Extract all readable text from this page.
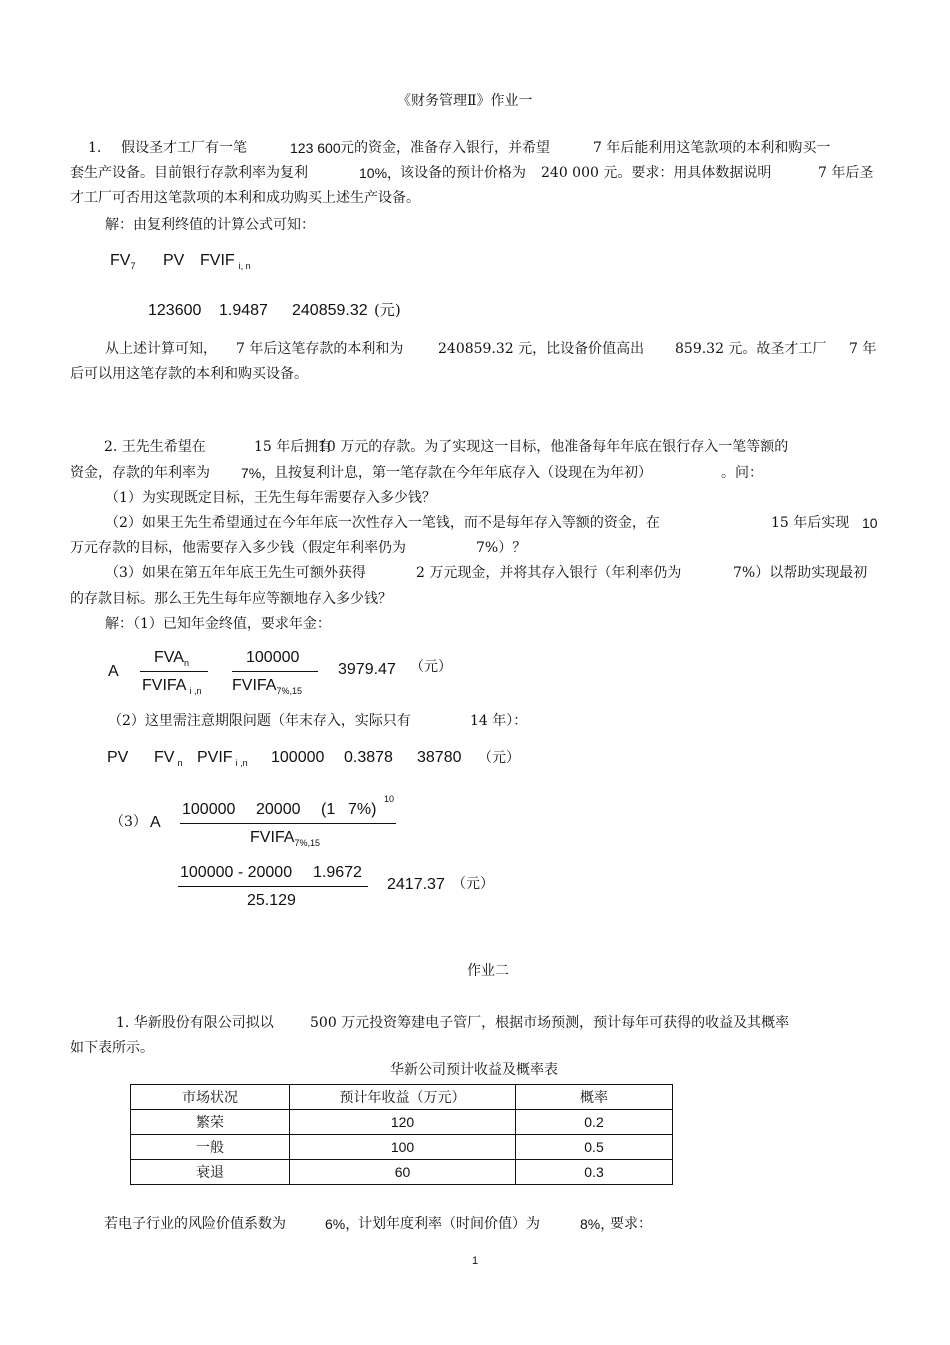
《财务管理Ⅱ》作业一
1. 假设圣才工厂有一笔	123 600 元的资金，准备存入银行，并希望	7 年后能利用这笔款项的本利和购买一
套生产设备。目前银行存款利率为复利	10%，
该设备的预计价格为 240 000 元。要求：用具体数据说明	7 年后圣
才工厂可否用这笔款项的本利和成功购买上述生产设备。
解：由复利终值的计算公式可知：
$FV_7$ PV FVIF $_{i, n}$
123600 1.9487 240859.32 (元)
从上述计算可知， 7 年后这笔存款的本利和为 240859.32 元，比设备价值高出 859.32 元。故圣才工厂 7 年
后可以用这笔存款的本利和购买设备。
2. 王先生希望在	15 年后拥有
10 万元的存款。为了实现这一目标，他准备每年年底在银行存入一笔等额的
资金，存款的年利率为 7%，
且按复利计息，第一笔存款在今年年底存入（设现在为年初）	。问：
（1）为实现既定目标，王先生每年需要存入多少钱？
（2）如果王先生希望通过在今年年底一次性存入一笔钱，而不是每年存入等额的资金，在	15 年后实现 10
万元存款的目标，他需要存入多少钱（假定年利率仍为	7%）？
（3）如果在第五年年底王先生可额外获得	2 万元现金，并将其存入银行（年利率仍为	7%）以帮助实现最初
的存款目标。那么王先生每年应等额地存入多少钱？
解：（1）已知年金终值，要求年金：
A
$FVA_n$
FVIFA $_{i ,n}$
100000
$FVIFA_{7\%,15}$
3979.47 （元）
（2）这里需注意期限问题（年末存入，实际只有	14 年）：
PV FV $_n$ PVIF $_{i ,n}$ 100000 0.3878 38780 （元）
（3） A
100000 20000 (1 7%)
10
$FVIFA_{7\%,15}$
100000 - 20000 1.9672
25.129
2417.37 （元）
作业二
1. 华新股份有限公司拟以	500 万元投资筹建电子管厂，根据市场预测，预计每年可获得的收益及其概率
如下表所示。
华新公司预计收益及概率表
市场状况	预计年收益（万元）	概率
繁荣	120	0.2
一般	100	0.5
衰退	60	0.3
若电子行业的风险价值系数为	6%，
计划年度利率（时间价值）为	8%，
要求：
1
